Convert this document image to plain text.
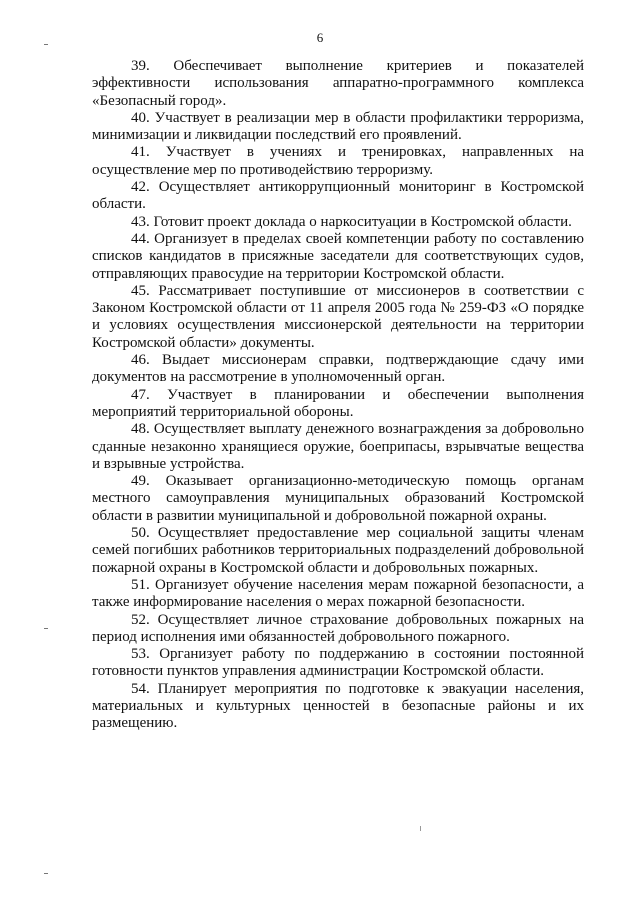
6

39. Обеспечивает выполнение критериев и показателей эффективности использования аппаратно-программного комплекса «Безопасный город».

40. Участвует в реализации мер в области профилактики терроризма, минимизации и ликвидации последствий его проявлений.

41. Участвует в учениях и тренировках, направленных на осуществление мер по противодействию терроризму.

42. Осуществляет антикоррупционный мониторинг в Костромской области.

43. Готовит проект доклада о наркоситуации в Костромской области.

44. Организует в пределах своей компетенции работу по составлению списков кандидатов в присяжные заседатели для соответствующих судов, отправляющих правосудие на территории Костромской области.

45. Рассматривает поступившие от миссионеров в соответствии с Законом Костромской области от 11 апреля 2005 года № 259-ФЗ «О порядке и условиях осуществления миссионерской деятельности на территории Костромской области» документы.

46. Выдает миссионерам справки, подтверждающие сдачу ими документов на рассмотрение в уполномоченный орган.

47. Участвует в планировании и обеспечении выполнения мероприятий территориальной обороны.

48. Осуществляет выплату денежного вознаграждения за добровольно сданные незаконно хранящиеся оружие, боеприпасы, взрывчатые вещества и взрывные устройства.

49. Оказывает организационно-методическую помощь органам местного самоуправления муниципальных образований Костромской области в развитии муниципальной и добровольной пожарной охраны.

50. Осуществляет предоставление мер социальной защиты членам семей погибших работников территориальных подразделений добровольной пожарной охраны в Костромской области и добровольных пожарных.

51. Организует обучение населения мерам пожарной безопасности, а также информирование населения о мерах пожарной безопасности.

52. Осуществляет личное страхование добровольных пожарных на период исполнения ими обязанностей добровольного пожарного.

53. Организует работу по поддержанию в состоянии постоянной готовности пунктов управления администрации Костромской области.

54. Планирует мероприятия по подготовке к эвакуации населения, материальных и культурных ценностей в безопасные районы и их размещению.
